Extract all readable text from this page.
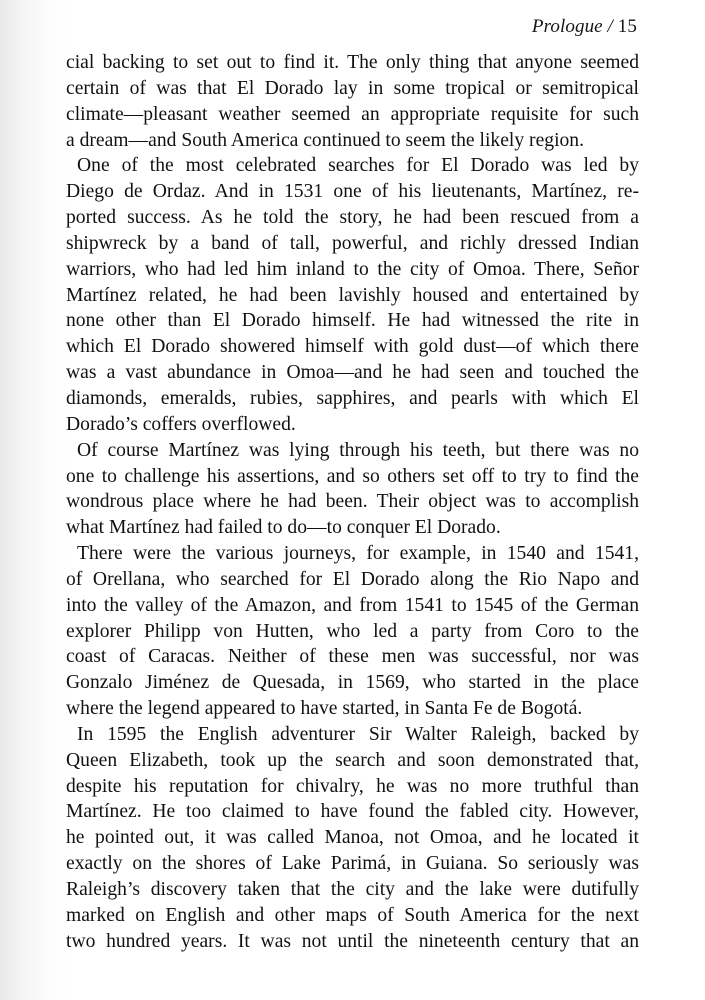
Prologue / 15
cial backing to set out to find it. The only thing that anyone seemed
certain of was that El Dorado lay in some tropical or semitropical
climate—pleasant weather seemed an appropriate requisite for such
a dream—and South America continued to seem the likely region.
One of the most celebrated searches for El Dorado was led by
Diego de Ordaz. And in 1531 one of his lieutenants, Martínez, re-
ported success. As he told the story, he had been rescued from a
shipwreck by a band of tall, powerful, and richly dressed Indian
warriors, who had led him inland to the city of Omoa. There, Señor
Martínez related, he had been lavishly housed and entertained by
none other than El Dorado himself. He had witnessed the rite in
which El Dorado showered himself with gold dust—of which there
was a vast abundance in Omoa—and he had seen and touched the
diamonds, emeralds, rubies, sapphires, and pearls with which El
Dorado’s coffers overflowed.
Of course Martínez was lying through his teeth, but there was no
one to challenge his assertions, and so others set off to try to find the
wondrous place where he had been. Their object was to accomplish
what Martínez had failed to do—to conquer El Dorado.
There were the various journeys, for example, in 1540 and 1541,
of Orellana, who searched for El Dorado along the Rio Napo and
into the valley of the Amazon, and from 1541 to 1545 of the German
explorer Philipp von Hutten, who led a party from Coro to the
coast of Caracas. Neither of these men was successful, nor was
Gonzalo Jiménez de Quesada, in 1569, who started in the place
where the legend appeared to have started, in Santa Fe de Bogotá.
In 1595 the English adventurer Sir Walter Raleigh, backed by
Queen Elizabeth, took up the search and soon demonstrated that,
despite his reputation for chivalry, he was no more truthful than
Martínez. He too claimed to have found the fabled city. However,
he pointed out, it was called Manoa, not Omoa, and he located it
exactly on the shores of Lake Parimá, in Guiana. So seriously was
Raleigh’s discovery taken that the city and the lake were dutifully
marked on English and other maps of South America for the next
two hundred years. It was not until the nineteenth century that an
